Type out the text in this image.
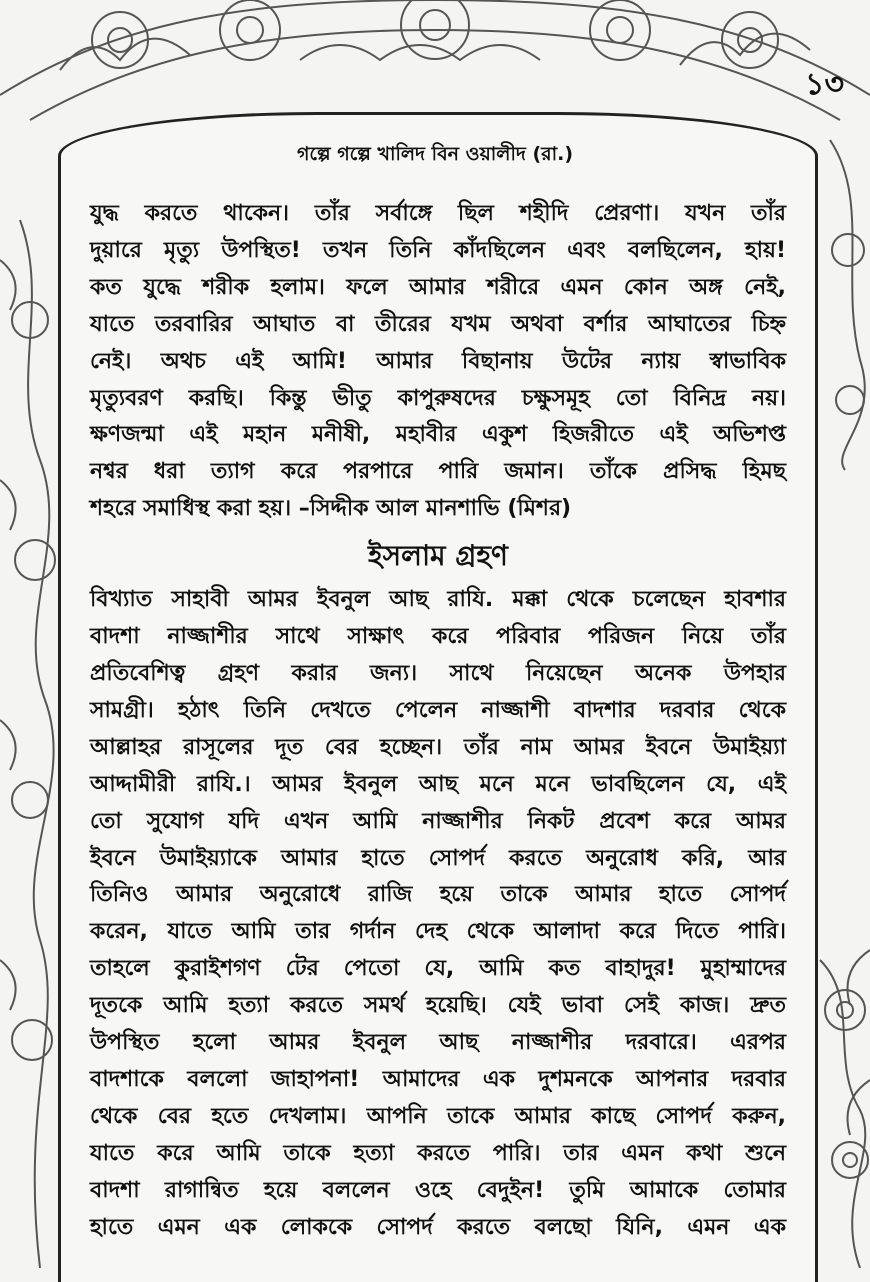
১৩
গল্পে গল্পে খালিদ বিন ওয়ালীদ (রা.)
যুদ্ধ করতে থাকেন। তাঁর সর্বাঙ্গে ছিল শহীদি প্রেরণা। যখন তাঁর
দুয়ারে মৃত্যু উপস্থিত! তখন তিনি কাঁদছিলেন এবং বলছিলেন, হায়!
কত যুদ্ধে শরীক হলাম। ফলে আমার শরীরে এমন কোন অঙ্গ নেই,
যাতে তরবারির আঘাত বা তীরের যখম অথবা বর্শার আঘাতের চিহ্ন
নেই। অথচ এই আমি! আমার বিছানায় উটের ন্যায় স্বাভাবিক
মৃত্যুবরণ করছি। কিন্তু ভীতু কাপুরুষদের চক্ষুসমূহ তো বিনিদ্র নয়।
ক্ষণজন্মা এই মহান মনীষী, মহাবীর একুশ হিজরীতে এই অভিশপ্ত
নশ্বর ধরা ত্যাগ করে পরপারে পারি জমান। তাঁকে প্রসিদ্ধ হিমছ
শহরে সমাধিস্থ করা হয়। –সিদ্দীক আল মানশাভি (মিশর)
ইসলাম গ্রহণ
বিখ্যাত সাহাবী আমর ইবনুল আছ রাযি. মক্কা থেকে চলেছেন হাবশার
বাদশা নাজ্জাশীর সাথে সাক্ষাৎ করে পরিবার পরিজন নিয়ে তাঁর
প্রতিবেশিত্ব গ্রহণ করার জন্য। সাথে নিয়েছেন অনেক উপহার
সামগ্রী। হঠাৎ তিনি দেখতে পেলেন নাজ্জাশী বাদশার দরবার থেকে
আল্লাহর রাসূলের দূত বের হচ্ছেন। তাঁর নাম আমর ইবনে উমাইয়্যা
আদ্দামীরী রাযি.। আমর ইবনুল আছ মনে মনে ভাবছিলেন যে, এই
তো সুযোগ যদি এখন আমি নাজ্জাশীর নিকট প্রবেশ করে আমর
ইবনে উমাইয়্যাকে আমার হাতে সোপর্দ করতে অনুরোধ করি, আর
তিনিও আমার অনুরোধে রাজি হয়ে তাকে আমার হাতে সোপর্দ
করেন, যাতে আমি তার গর্দান দেহ থেকে আলাদা করে দিতে পারি।
তাহলে কুরাইশগণ টের পেতো যে, আমি কত বাহাদুর! মুহাম্মাদের
দূতকে আমি হত্যা করতে সমর্থ হয়েছি। যেই ভাবা সেই কাজ। দ্রুত
উপস্থিত হলো আমর ইবনুল আছ নাজ্জাশীর দরবারে। এরপর
বাদশাকে বললো জাহাপনা! আমাদের এক দুশমনকে আপনার দরবার
থেকে বের হতে দেখলাম। আপনি তাকে আমার কাছে সোপর্দ করুন,
যাতে করে আমি তাকে হত্যা করতে পারি। তার এমন কথা শুনে
বাদশা রাগান্বিত হয়ে বললেন ওহে বেদুইন! তুমি আমাকে তোমার
হাতে এমন এক লোককে সোপর্দ করতে বলছো যিনি, এমন এক
